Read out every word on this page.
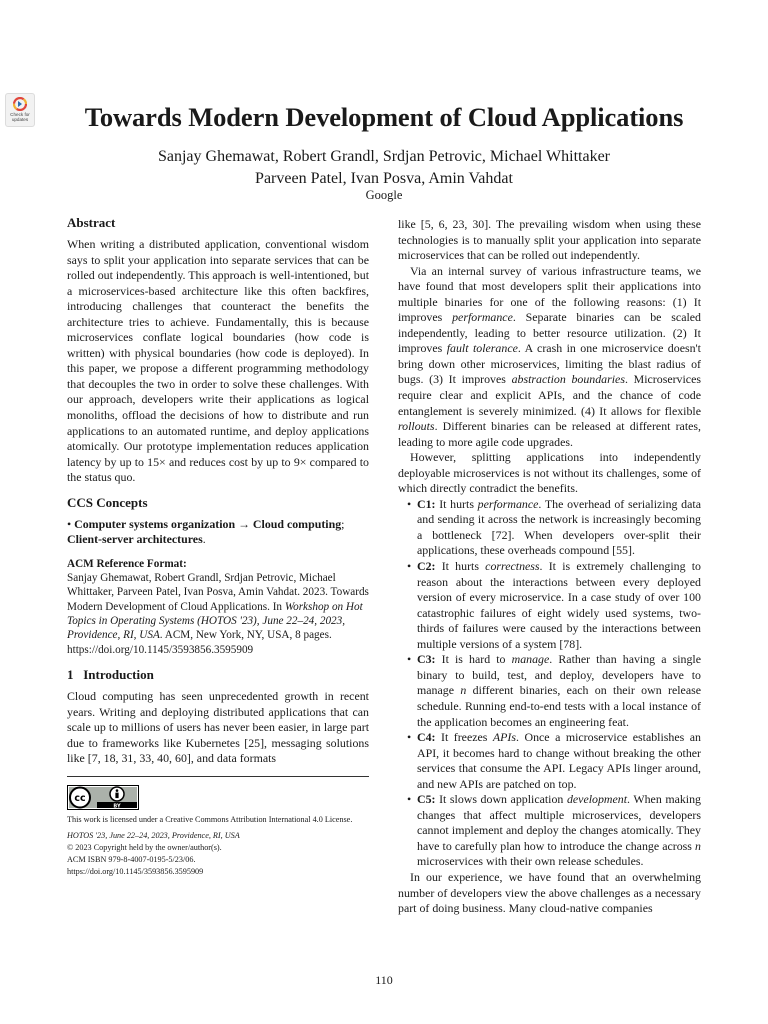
Check for updates	Towards Modern Development of Cloud Applications
Sanjay Ghemawat, Robert Grandl, Srdjan Petrovic, Michael Whittaker
Parveen Patel, Ivan Posva, Amin Vahdat
Google
Abstract

When writing a distributed application, conventional wisdom says to split your application into separate services that can be rolled out independently. This approach is well-intentioned, but a microservices-based architecture like this often backfires, introducing challenges that counteract the benefits the architecture tries to achieve. Fundamentally, this is because microservices conflate logical boundaries (how code is written) with physical boundaries (how code is deployed). In this paper, we propose a different programming methodology that decouples the two in order to solve these challenges. With our approach, developers write their applications as logical monoliths, offload the decisions of how to distribute and run applications to an automated runtime, and deploy applications atomically. Our prototype implementation reduces application latency by up to 15× and reduces cost by up to 9× compared to the status quo.

CCS Concepts

• Computer systems organization → Cloud computing; Client-server architectures.

ACM Reference Format:

Sanjay Ghemawat, Robert Grandl, Srdjan Petrovic, Michael Whittaker, Parveen Patel, Ivan Posva, Amin Vahdat. 2023. Towards Modern Development of Cloud Applications. In Workshop on Hot Topics in Operating Systems (HOTOS '23), June 22–24, 2023, Providence, RI, USA. ACM, New York, NY, USA, 8 pages. https://doi.org/10.1145/3593856.3595909

1 Introduction

Cloud computing has seen unprecedented growth in recent years. Writing and deploying distributed applications that can scale up to millions of users has never been easier, in large part due to frameworks like Kubernetes [25], messaging solutions like [7, 18, 31, 33, 40, 60], and data formats

cc
BY
This work is licensed under a Creative Commons Attribution International 4.0 License.
HOTOS '23, June 22–24, 2023, Providence, RI, USA
© 2023 Copyright held by the owner/author(s).
ACM ISBN 979-8-4007-0195-5/23/06.
https://doi.org/10.1145/3593856.3595909

like [5, 6, 23, 30]. The prevailing wisdom when using these technologies is to manually split your application into separate microservices that can be rolled out independently.

Via an internal survey of various infrastructure teams, we have found that most developers split their applications into multiple binaries for one of the following reasons: (1) It improves performance. Separate binaries can be scaled independently, leading to better resource utilization. (2) It improves fault tolerance. A crash in one microservice doesn't bring down other microservices, limiting the blast radius of bugs. (3) It improves abstraction boundaries. Microservices require clear and explicit APIs, and the chance of code entanglement is severely minimized. (4) It allows for flexible rollouts. Different binaries can be released at different rates, leading to more agile code upgrades.

However, splitting applications into independently deployable microservices is not without its challenges, some of which directly contradict the benefits.

• C1: It hurts performance. The overhead of serializing data and sending it across the network is increasingly becoming a bottleneck [72]. When developers over-split their applications, these overheads compound [55].
• C2: It hurts correctness. It is extremely challenging to reason about the interactions between every deployed version of every microservice. In a case study of over 100 catastrophic failures of eight widely used systems, two-thirds of failures were caused by the interactions between multiple versions of a system [78].
• C3: It is hard to manage. Rather than having a single binary to build, test, and deploy, developers have to manage n different binaries, each on their own release schedule. Running end-to-end tests with a local instance of the application becomes an engineering feat.
• C4: It freezes APIs. Once a microservice establishes an API, it becomes hard to change without breaking the other services that consume the API. Legacy APIs linger around, and new APIs are patched on top.
• C5: It slows down application development. When making changes that affect multiple microservices, developers cannot implement and deploy the changes atomically. They have to carefully plan how to introduce the change across n microservices with their own release schedules.

In our experience, we have found that an overwhelming number of developers view the above challenges as a necessary part of doing business. Many cloud-native companies

110
